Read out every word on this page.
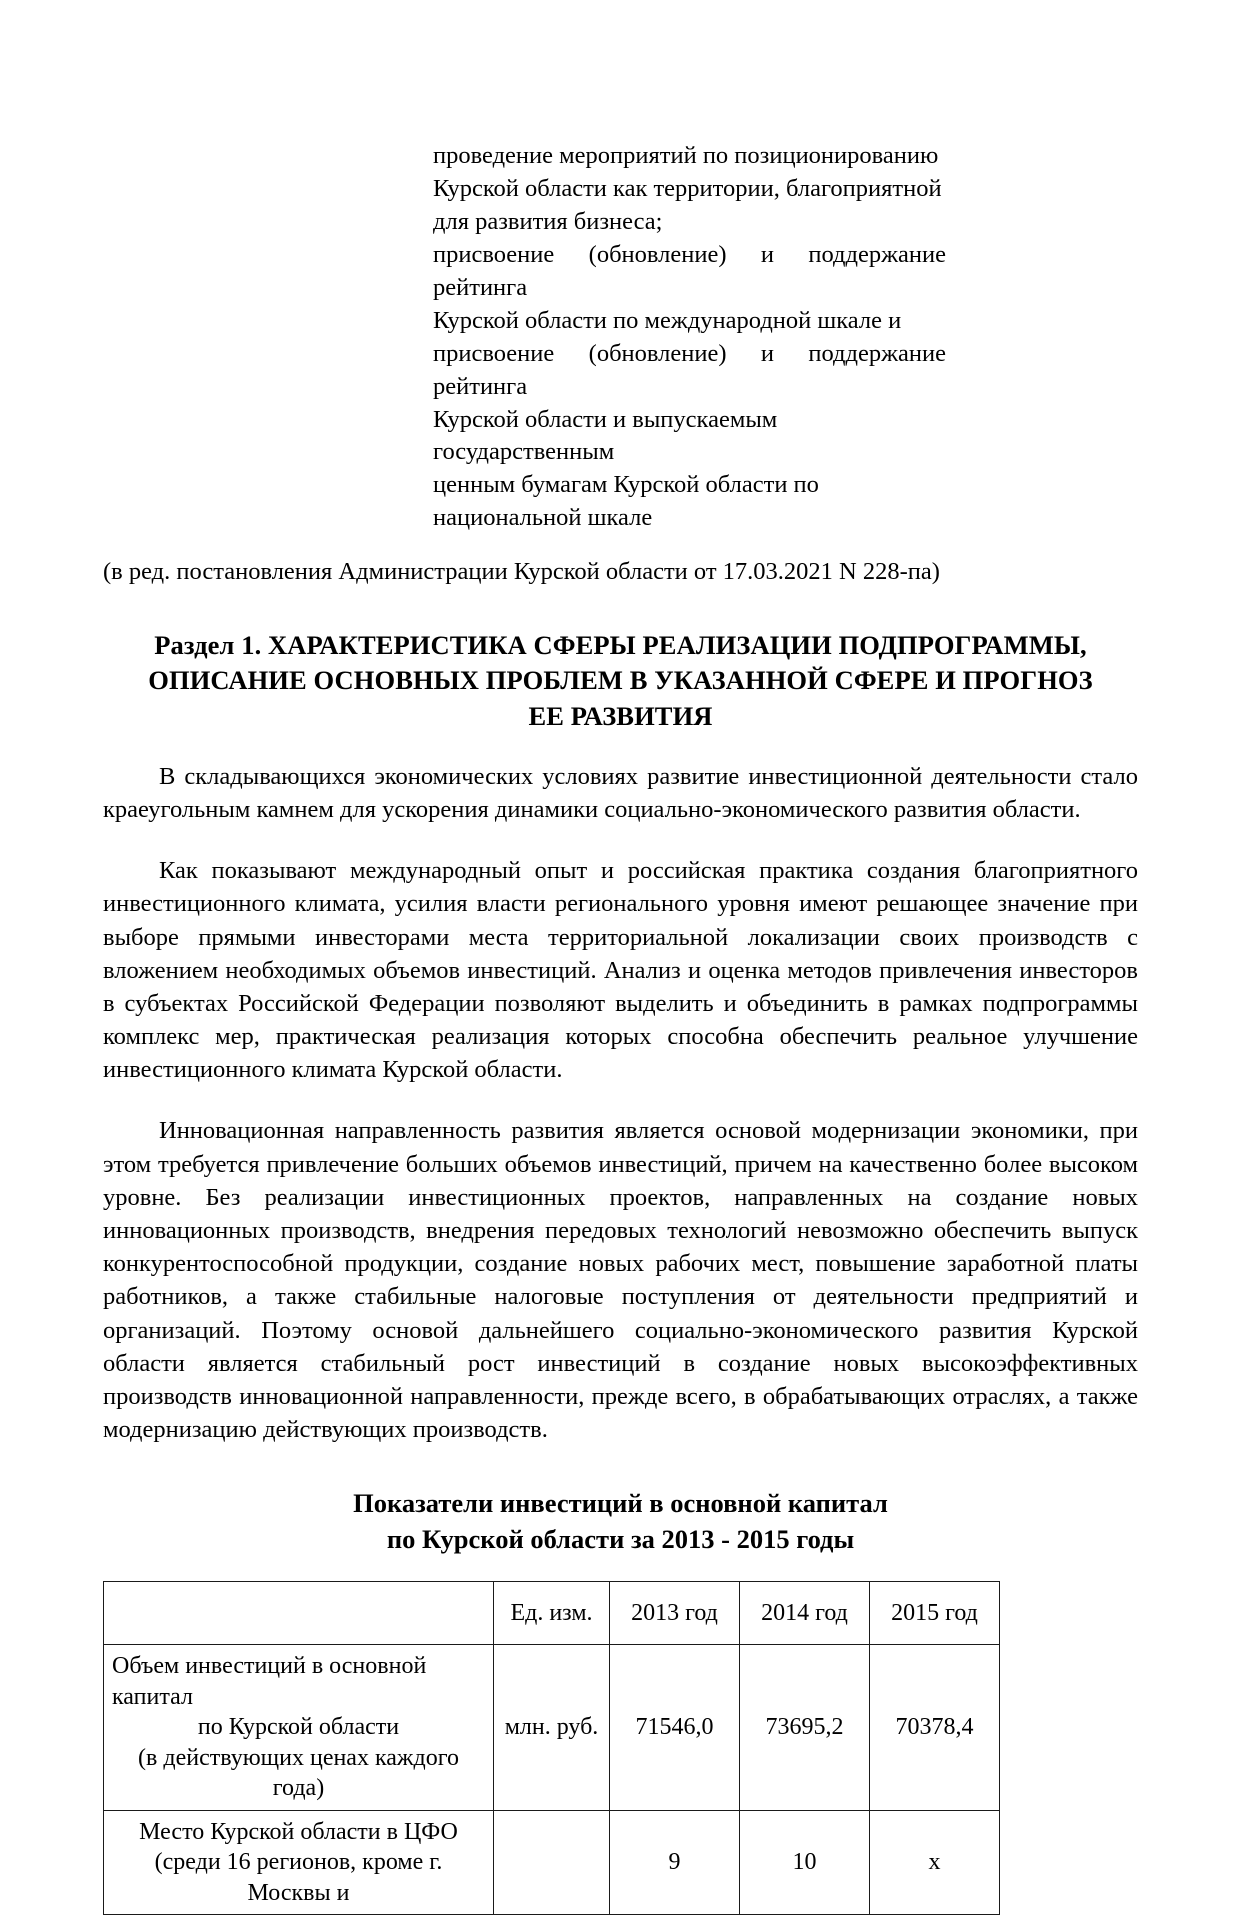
проведение мероприятий по позиционированию

Курской области как территории, благоприятной

для развития бизнеса;

присвоение (обновление) и поддержание рейтинга

Курской области по международной шкале и

присвоение (обновление) и поддержание рейтинга

Курской области и выпускаемым государственным

ценным бумагам Курской области по

национальной шкале

(в ред. постановления Администрации Курской области от 17.03.2021 N 228-па)
Раздел 1. ХАРАКТЕРИСТИКА СФЕРЫ РЕАЛИЗАЦИИ ПОДПРОГРАММЫ,
ОПИСАНИЕ ОСНОВНЫХ ПРОБЛЕМ В УКАЗАННОЙ СФЕРЕ И ПРОГНОЗ
ЕЕ РАЗВИТИЯ

В складывающихся экономических условиях развитие инвестиционной деятельности стало краеугольным камнем для ускорения динамики социально-экономического развития области.

Как показывают международный опыт и российская практика создания благоприятного инвестиционного климата, усилия власти регионального уровня имеют решающее значение при выборе прямыми инвесторами места территориальной локализации своих производств с вложением необходимых объемов инвестиций. Анализ и оценка методов привлечения инвесторов в субъектах Российской Федерации позволяют выделить и объединить в рамках подпрограммы комплекс мер, практическая реализация которых способна обеспечить реальное улучшение инвестиционного климата Курской области.

Инновационная направленность развития является основой модернизации экономики, при этом требуется привлечение больших объемов инвестиций, причем на качественно более высоком уровне. Без реализации инвестиционных проектов, направленных на создание новых инновационных производств, внедрения передовых технологий невозможно обеспечить выпуск конкурентоспособной продукции, создание новых рабочих мест, повышение заработной платы работников, а также стабильные налоговые поступления от деятельности предприятий и организаций. Поэтому основой дальнейшего социально-экономического развития Курской области является стабильный рост инвестиций в создание новых высокоэффективных производств инновационной направленности, прежде всего, в обрабатывающих отраслях, а также модернизацию действующих производств.

Показатели инвестиций в основной капитал
по Курской области за 2013 - 2015 годы
	Ед. изм.	2013 год	2014 год	2015 год

Объем инвестиций в основной капитал
по Курской области
(в действующих ценах каждого года)	млн. руб.	71546,0	73695,2	70378,4

Место Курской области в ЦФО
(среди 16 регионов, кроме г. Москвы и		9	10	x
